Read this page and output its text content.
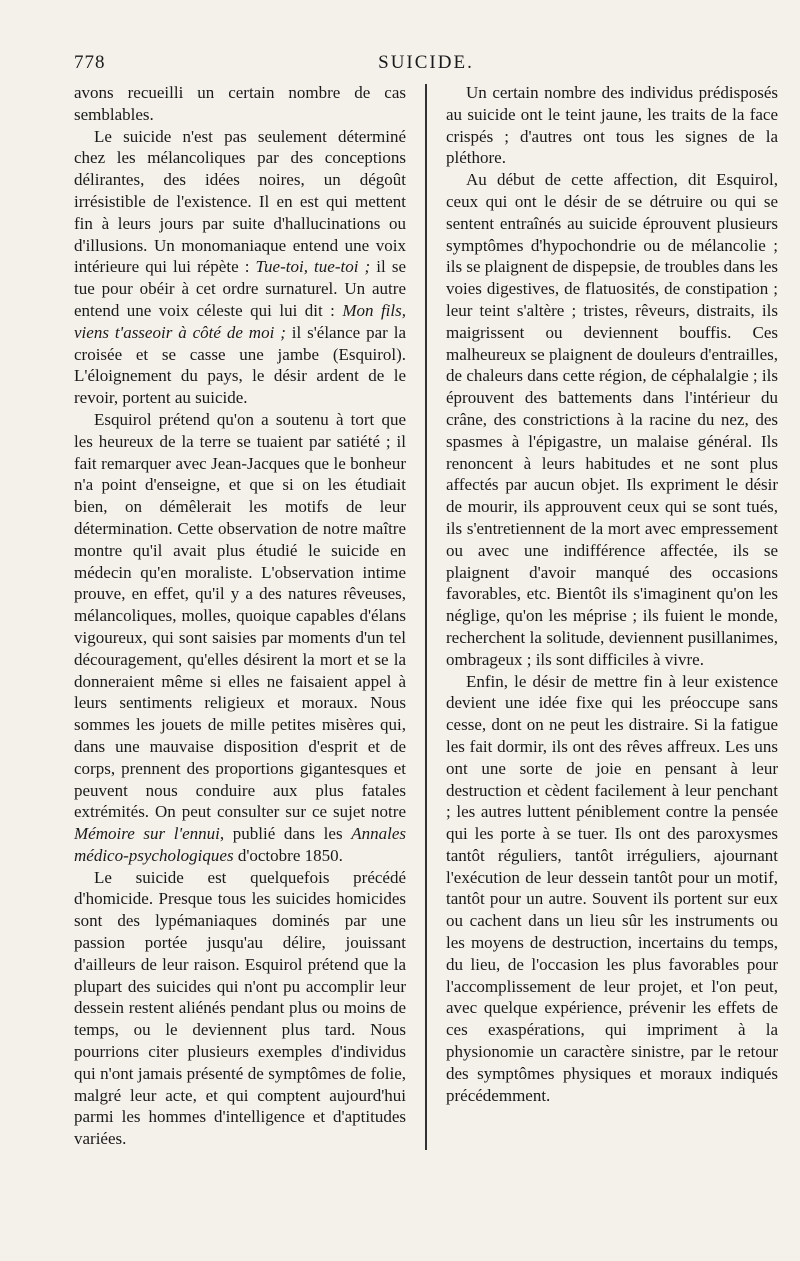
778	SUICIDE.

avons recueilli un certain nombre de cas semblables.

Le suicide n'est pas seulement déterminé chez les mélancoliques par des conceptions délirantes, des idées noires, un dégoût irrésistible de l'existence. Il en est qui mettent fin à leurs jours par suite d'hallucinations ou d'illusions. Un monomaniaque entend une voix intérieure qui lui répète : Tue-toi, tue-toi ; il se tue pour obéir à cet ordre surnaturel. Un autre entend une voix céleste qui lui dit : Mon fils, viens t'asseoir à côté de moi ; il s'élance par la croisée et se casse une jambe (Esquirol). L'éloignement du pays, le désir ardent de le revoir, portent au suicide.

Esquirol prétend qu'on a soutenu à tort que les heureux de la terre se tuaient par satiété ; il fait remarquer avec Jean-Jacques que le bonheur n'a point d'enseigne, et que si on les étudiait bien, on démêlerait les motifs de leur détermination. Cette observation de notre maître montre qu'il avait plus étudié le suicide en médecin qu'en moraliste. L'observation intime prouve, en effet, qu'il y a des natures rêveuses, mélancoliques, molles, quoique capables d'élans vigoureux, qui sont saisies par moments d'un tel découragement, qu'elles désirent la mort et se la donneraient même si elles ne faisaient appel à leurs sentiments religieux et moraux. Nous sommes les jouets de mille petites misères qui, dans une mauvaise disposition d'esprit et de corps, prennent des proportions gigantesques et peuvent nous conduire aux plus fatales extrémités. On peut consulter sur ce sujet notre Mémoire sur l'ennui, publié dans les Annales médico-psychologiques d'octobre 1850.

Le suicide est quelquefois précédé d'homicide. Presque tous les suicides homicides sont des lypémaniaques dominés par une passion portée jusqu'au délire, jouissant d'ailleurs de leur raison. Esquirol prétend que la plupart des suicides qui n'ont pu accomplir leur dessein restent aliénés pendant plus ou moins de temps, ou le deviennent plus tard. Nous pourrions citer plusieurs exemples d'individus qui n'ont jamais présenté de symptômes de folie, malgré leur acte, et qui comptent aujourd'hui parmi les hommes d'intelligence et d'aptitudes variées.

Un certain nombre des individus prédisposés au suicide ont le teint jaune, les traits de la face crispés ; d'autres ont tous les signes de la pléthore.

Au début de cette affection, dit Esquirol, ceux qui ont le désir de se détruire ou qui se sentent entraînés au suicide éprouvent plusieurs symptômes d'hypochondrie ou de mélancolie ; ils se plaignent de dispepsie, de troubles dans les voies digestives, de flatuosités, de constipation ; leur teint s'altère ; tristes, rêveurs, distraits, ils maigrissent ou deviennent bouffis. Ces malheureux se plaignent de douleurs d'entrailles, de chaleurs dans cette région, de céphalalgie ; ils éprouvent des battements dans l'intérieur du crâne, des constrictions à la racine du nez, des spasmes à l'épigastre, un malaise général. Ils renoncent à leurs habitudes et ne sont plus affectés par aucun objet. Ils expriment le désir de mourir, ils approuvent ceux qui se sont tués, ils s'entretiennent de la mort avec empressement ou avec une indifférence affectée, ils se plaignent d'avoir manqué des occasions favorables, etc. Bientôt ils s'imaginent qu'on les néglige, qu'on les méprise ; ils fuient le monde, recherchent la solitude, deviennent pusillanimes, ombrageux ; ils sont difficiles à vivre.

Enfin, le désir de mettre fin à leur existence devient une idée fixe qui les préoccupe sans cesse, dont on ne peut les distraire. Si la fatigue les fait dormir, ils ont des rêves affreux. Les uns ont une sorte de joie en pensant à leur destruction et cèdent facilement à leur penchant ; les autres luttent péniblement contre la pensée qui les porte à se tuer. Ils ont des paroxysmes tantôt réguliers, tantôt irréguliers, ajournant l'exécution de leur dessein tantôt pour un motif, tantôt pour un autre. Souvent ils portent sur eux ou cachent dans un lieu sûr les instruments ou les moyens de destruction, incertains du temps, du lieu, de l'occasion les plus favorables pour l'accomplissement de leur projet, et l'on peut, avec quelque expérience, prévenir les effets de ces exaspérations, qui impriment à la physionomie un caractère sinistre, par le retour des symptômes physiques et moraux indiqués précédemment.
